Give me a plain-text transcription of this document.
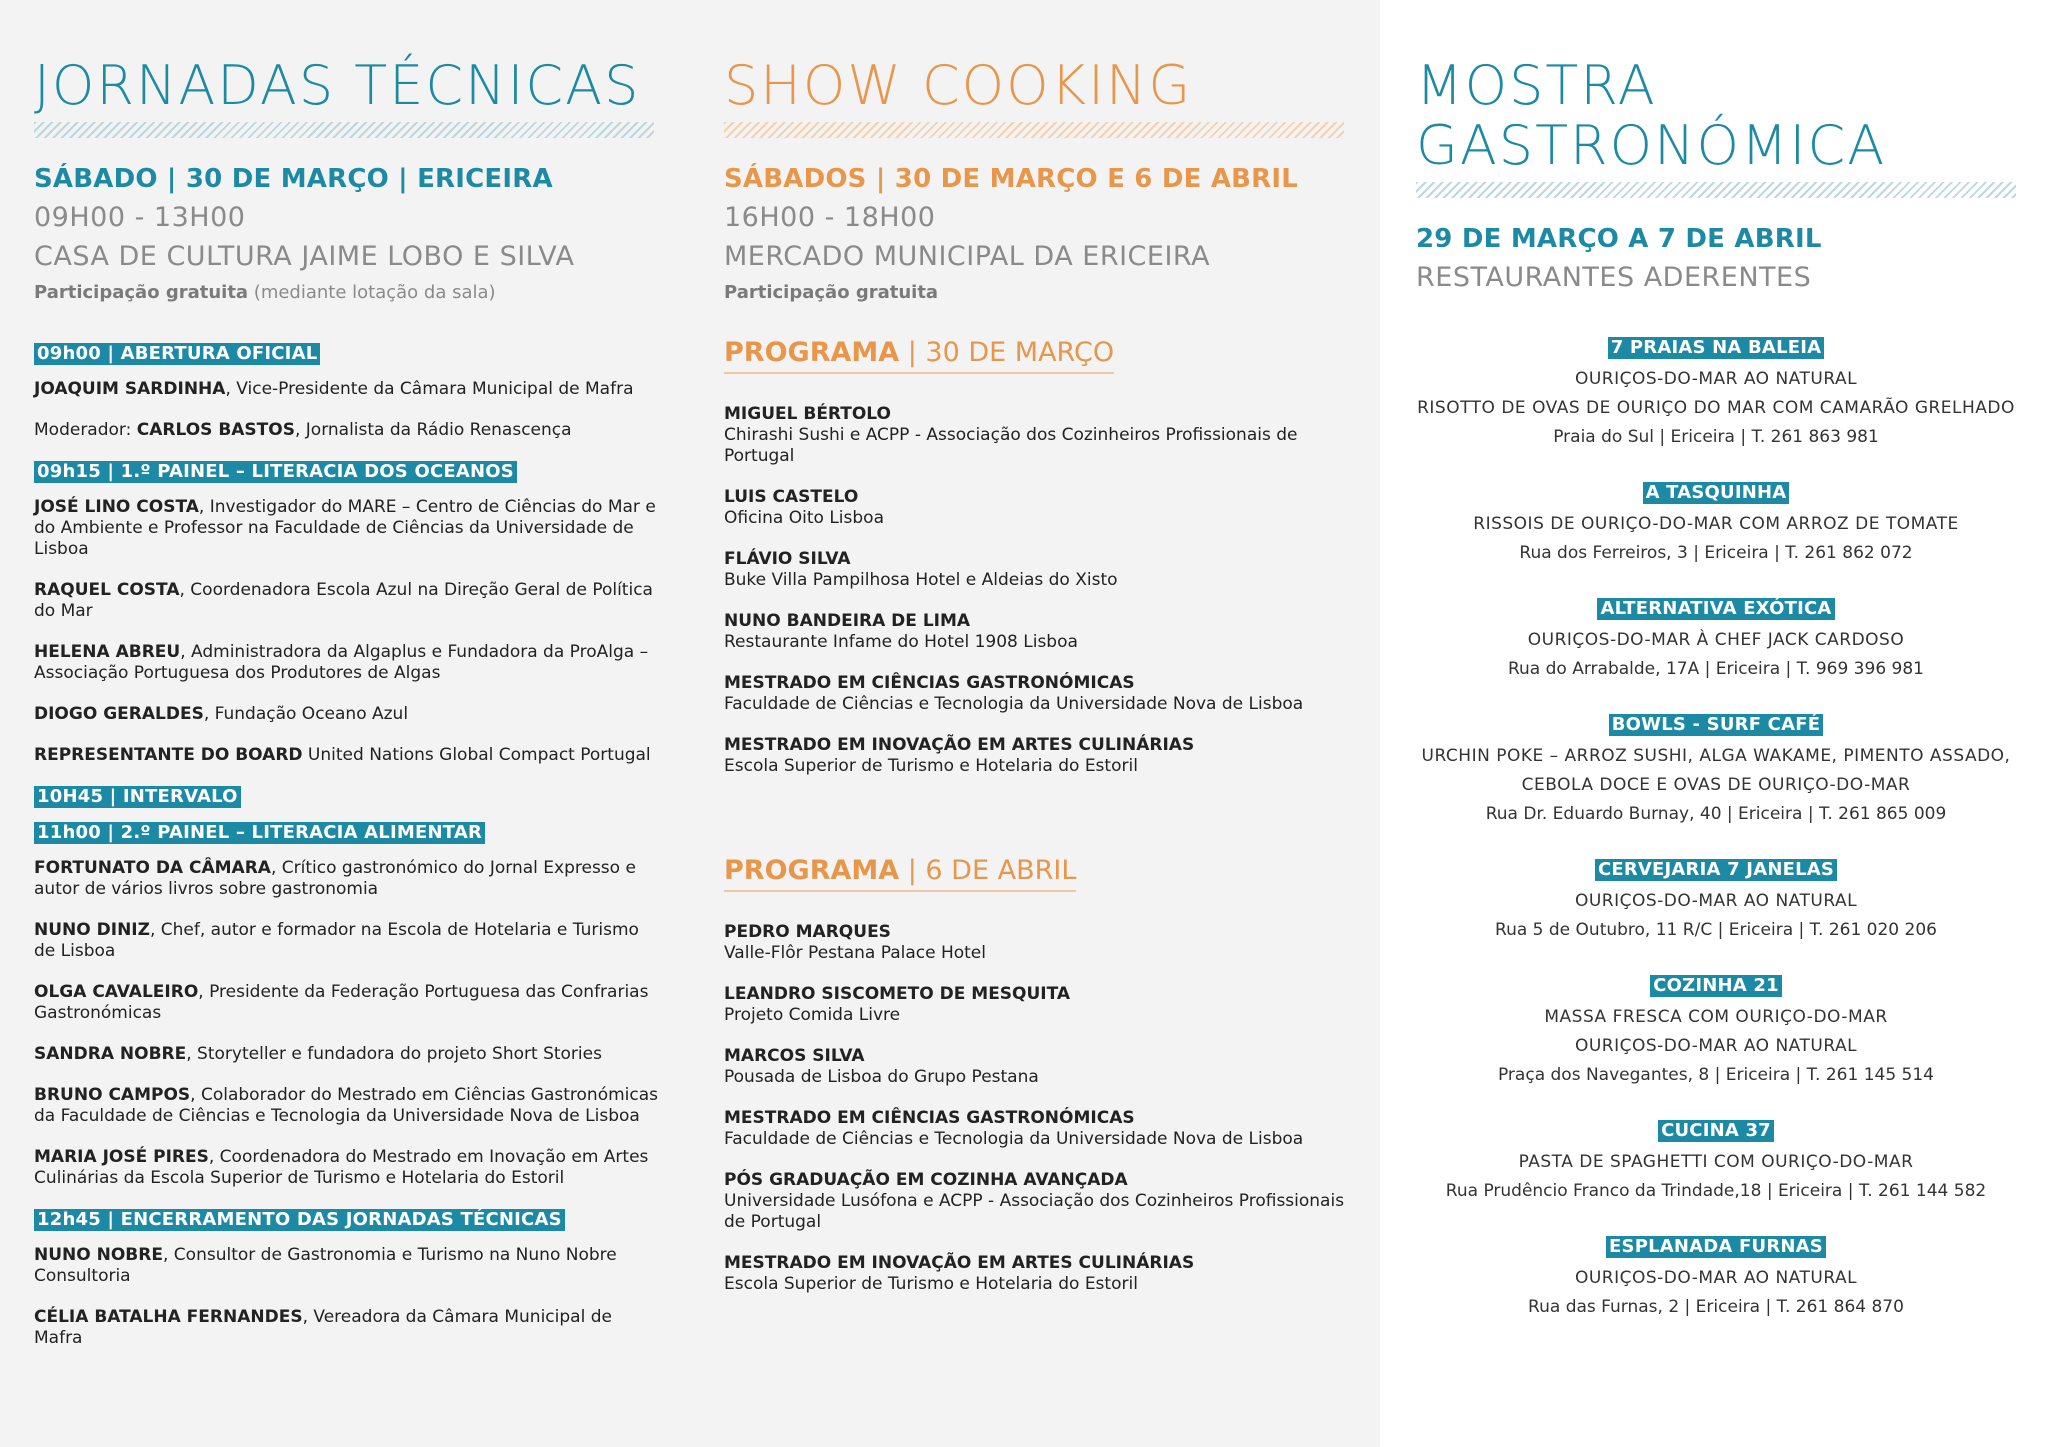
JORNADAS TÉCNICAS
SÁBADO | 30 DE MARÇO | ERICEIRA
09H00 - 13H00
CASA DE CULTURA JAIME LOBO E SILVA
Participação gratuita (mediante lotação da sala)
09h00 | ABERTURA OFICIAL
JOAQUIM SARDINHA, Vice-Presidente da Câmara Municipal de Mafra
Moderador: CARLOS BASTOS, Jornalista da Rádio Renascença
09h15 | 1.º PAINEL – LITERACIA DOS OCEANOS
JOSÉ LINO COSTA, Investigador do MARE – Centro de Ciências do Mar e do Ambiente e Professor na Faculdade de Ciências da Universidade de Lisboa
RAQUEL COSTA, Coordenadora Escola Azul na Direção Geral de Política do Mar
HELENA ABREU, Administradora da Algaplus e Fundadora da ProAlga – Associação Portuguesa dos Produtores de Algas
DIOGO GERALDES, Fundação Oceano Azul
REPRESENTANTE DO BOARD United Nations Global Compact Portugal
10H45 | INTERVALO
11h00 | 2.º PAINEL – LITERACIA ALIMENTAR
FORTUNATO DA CÂMARA, Crítico gastronómico do Jornal Expresso e autor de vários livros sobre gastronomia
NUNO DINIZ, Chef, autor e formador na Escola de Hotelaria e Turismo de Lisboa
OLGA CAVALEIRO, Presidente da Federação Portuguesa das Confrarias Gastronómicas
SANDRA NOBRE, Storyteller e fundadora do projeto Short Stories
BRUNO CAMPOS, Colaborador do Mestrado em Ciências Gastronómicas da Faculdade de Ciências e Tecnologia da Universidade Nova de Lisboa
MARIA JOSÉ PIRES, Coordenadora do Mestrado em Inovação em Artes Culinárias da Escola Superior de Turismo e Hotelaria do Estoril
12h45 | ENCERRAMENTO DAS JORNADAS TÉCNICAS
NUNO NOBRE, Consultor de Gastronomia e Turismo na Nuno Nobre Consultoria
CÉLIA BATALHA FERNANDES, Vereadora da Câmara Municipal de Mafra
SHOW COOKING
SÁBADOS | 30 DE MARÇO E 6 DE ABRIL
16H00 - 18H00
MERCADO MUNICIPAL DA ERICEIRA
Participação gratuita
PROGRAMA | 30 DE MARÇO
MIGUEL BÉRTOLO
Chirashi Sushi e ACPP - Associação dos Cozinheiros Profissionais de Portugal
LUIS CASTELO
Oficina Oito Lisboa
FLÁVIO SILVA
Buke Villa Pampilhosa Hotel e Aldeias do Xisto
NUNO BANDEIRA DE LIMA
Restaurante Infame do Hotel 1908 Lisboa
MESTRADO EM CIÊNCIAS GASTRONÓMICAS
Faculdade de Ciências e Tecnologia da Universidade Nova de Lisboa
MESTRADO EM INOVAÇÃO EM ARTES CULINÁRIAS
Escola Superior de Turismo e Hotelaria do Estoril
PROGRAMA | 6 DE ABRIL
PEDRO MARQUES
Valle-Flôr Pestana Palace Hotel
LEANDRO SISCOMETO DE MESQUITA
Projeto Comida Livre
MARCOS SILVA
Pousada de Lisboa do Grupo Pestana
MESTRADO EM CIÊNCIAS GASTRONÓMICAS
Faculdade de Ciências e Tecnologia da Universidade Nova de Lisboa
PÓS GRADUAÇÃO EM COZINHA AVANÇADA
Universidade Lusófona e ACPP - Associação dos Cozinheiros Profissionais de Portugal
MESTRADO EM INOVAÇÃO EM ARTES CULINÁRIAS
Escola Superior de Turismo e Hotelaria do Estoril
MOSTRA
GASTRONÓMICA
29 DE MARÇO A 7 DE ABRIL
RESTAURANTES ADERENTES
7 PRAIAS NA BALEIA
OURIÇOS-DO-MAR AO NATURAL
RISOTTO DE OVAS DE OURIÇO DO MAR COM CAMARÃO GRELHADO
Praia do Sul | Ericeira | T. 261 863 981
A TASQUINHA
RISSOIS DE OURIÇO-DO-MAR COM ARROZ DE TOMATE
Rua dos Ferreiros, 3 | Ericeira | T. 261 862 072
ALTERNATIVA EXÓTICA
OURIÇOS-DO-MAR À CHEF JACK CARDOSO
Rua do Arrabalde, 17A | Ericeira | T. 969 396 981
BOWLS - SURF CAFÉ
URCHIN POKE – ARROZ SUSHI, ALGA WAKAME, PIMENTO ASSADO,
CEBOLA DOCE E OVAS DE OURIÇO-DO-MAR
Rua Dr. Eduardo Burnay, 40 | Ericeira | T. 261 865 009
CERVEJARIA 7 JANELAS
OURIÇOS-DO-MAR AO NATURAL
Rua 5 de Outubro, 11 R/C | Ericeira | T. 261 020 206
COZINHA 21
MASSA FRESCA COM OURIÇO-DO-MAR
OURIÇOS-DO-MAR AO NATURAL
Praça dos Navegantes, 8 | Ericeira | T. 261 145 514
CUCINA 37
PASTA DE SPAGHETTI COM OURIÇO-DO-MAR
Rua Prudêncio Franco da Trindade,18 | Ericeira | T. 261 144 582
ESPLANADA FURNAS
OURIÇOS-DO-MAR AO NATURAL
Rua das Furnas, 2 | Ericeira | T. 261 864 870
